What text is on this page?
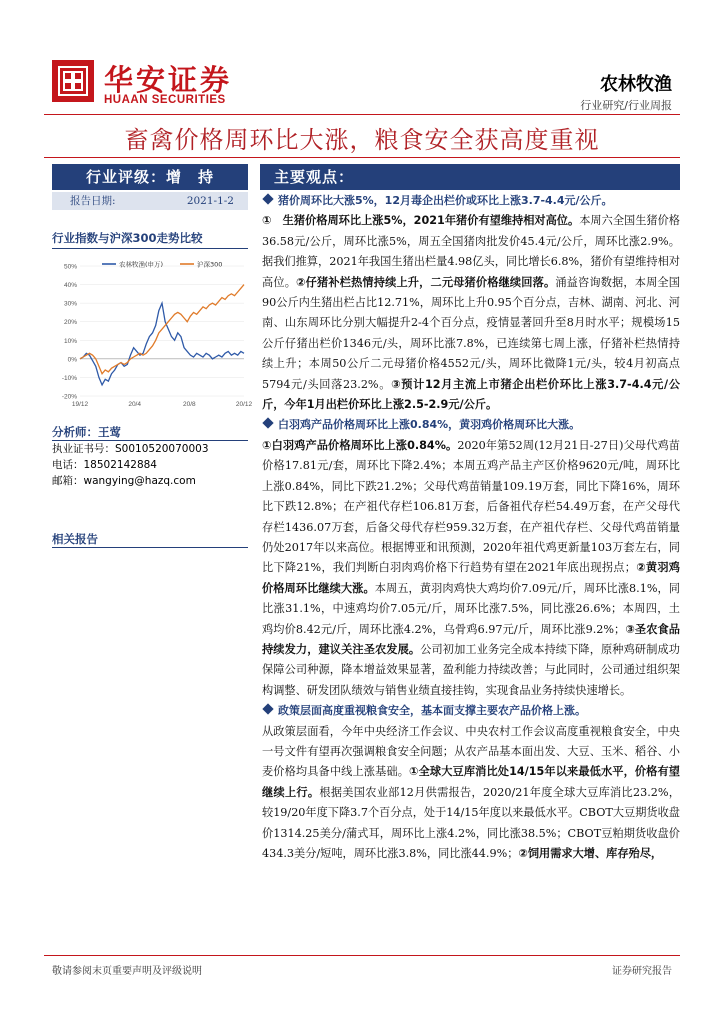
华安证券
HUAAN SECURITIES
农林牧渔
行业研究/行业周报
畜禽价格周环比大涨，粮食安全获高度重视
行业评级：增　持
报告日期:	2021-1-2
行业指数与沪深300走势比较
-20%
-10%
0%
10%
20%
30%
40%
50%
19/12	20/4	20/8	20/12
农林牧渔(申万)	沪深300
分析师：王莺
执业证书号：S0010520070003
电话：18502142884
邮箱：wangying@hazq.com
相关报告
主要观点：
猪价周环比大涨5%，12月毒企出栏价或环比上涨3.7-4.4元/公斤。

①　生猪价格周环比上涨5%，2021年猪价有望维持相对高位。本周六全国生猪价格36.58元/公斤，周环比涨5%，周五全国猪肉批发价45.4元/公斤，周环比涨2.9%。据我们推算，2021年我国生猪出栏量4.98亿头，同比增长6.8%，猪价有望维持相对高位。②仔猪补栏热情持续上升，二元母猪价格继续回落。涌益咨询数据，本周全国90公斤内生猪出栏占比12.71%，周环比上升0.95个百分点，吉林、湖南、河北、河南、山东周环比分别大幅提升2-4个百分点，疫情显著回升至8月时水平；规模场15公斤仔猪出栏价1346元/头，周环比涨7.8%，已连续第七周上涨，仔猪补栏热情持续上升；本周50公斤二元母猪价格4552元/头，周环比微降1元/头，较4月初高点5794元/头回落23.2%。③预计12月主流上市猪企出栏价环比上涨3.7-4.4元/公斤，今年1月出栏价环比上涨2.5-2.9元/公斤。

白羽鸡产品价格周环比上涨0.84%，黄羽鸡价格周环比大涨。

①白羽鸡产品价格周环比上涨0.84%。2020年第52周(12月21日-27日)父母代鸡苗价格17.81元/套，周环比下降2.4%；本周五鸡产品主产区价格9620元/吨，周环比上涨0.84%，同比下跌21.2%；父母代鸡苗销量109.19万套，同比下降16%，周环比下跌12.8%；在产祖代存栏106.81万套，后备祖代存栏54.49万套，在产父母代存栏1436.07万套，后备父母代存栏959.32万套，在产祖代存栏、父母代鸡苗销量仍处2017年以来高位。根据博亚和讯预测，2020年祖代鸡更新量103万套左右，同比下降21%，我们判断白羽肉鸡价格下行趋势有望在2021年底出现拐点；②黄羽鸡价格周环比继续大涨。本周五，黄羽肉鸡快大鸡均价7.09元/斤，周环比涨8.1%，同比涨31.1%，中速鸡均价7.05元/斤，周环比涨7.5%，同比涨26.6%；本周四，土鸡均价8.42元/斤，周环比涨4.2%，乌骨鸡6.97元/斤，周环比涨9.2%；③圣农食品持续发力，建议关注圣农发展。公司初加工业务完全成本持续下降，原种鸡研制成功保障公司种源，降本增益效果显著，盈利能力持续改善；与此同时，公司通过组织架构调整、研发团队绩效与销售业绩直接挂钩，实现食品业务持续快速增长。

政策层面高度重视粮食安全，基本面支撑主要农产品价格上涨。

从政策层面看，今年中央经济工作会议、中央农村工作会议高度重视粮食安全，中央一号文件有望再次强调粮食安全问题；从农产品基本面出发、大豆、玉米、稻谷、小麦价格均具备中线上涨基础。①全球大豆库消比处14/15年以来最低水平，价格有望继续上行。根据美国农业部12月供需报告，2020/21年度全球大豆库消比23.2%，较19/20年度下降3.7个百分点，处于14/15年度以来最低水平。CBOT大豆期货收盘价1314.25美分/蒲式耳，周环比上涨4.2%，同比涨38.5%；CBOT豆粕期货收盘价434.3美分/短吨，周环比涨3.8%，同比涨44.9%；②饲用需求大增、库存殆尽，

敬请参阅末页重要声明及评级说明	证券研究报告
